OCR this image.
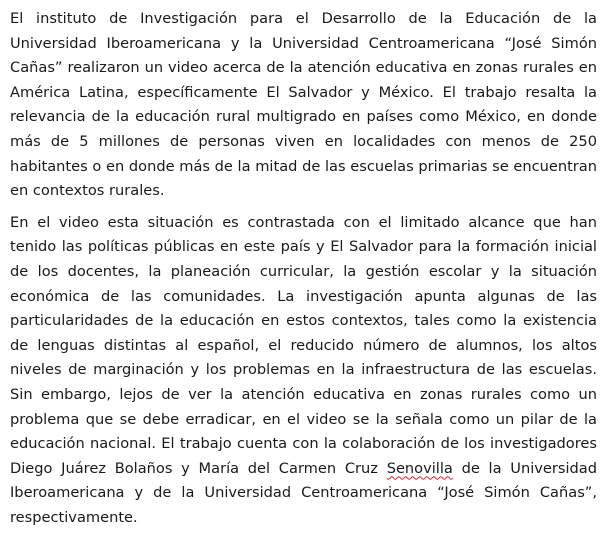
El instituto de Investigación para el Desarrollo de la Educación de la Universidad Iberoamericana y la Universidad Centroamericana “José Simón Cañas” realizaron un video acerca de la atención educativa en zonas rurales en América Latina, específicamente El Salvador y México. El trabajo resalta la relevancia de la educación rural multigrado en países como México, en donde más de 5 millones de personas viven en localidades con menos de 250 habitantes o en donde más de la mitad de las escuelas primarias se encuentran en contextos rurales.

En el video esta situación es contrastada con el limitado alcance que han tenido las políticas públicas en este país y El Salvador para la formación inicial de los docentes, la planeación curricular, la gestión escolar y la situación económica de las comunidades. La investigación apunta algunas de las particularidades de la educación en estos contextos, tales como la existencia de lenguas distintas al español, el reducido número de alumnos, los altos niveles de marginación y los problemas en la infraestructura de las escuelas. Sin embargo, lejos de ver la atención educativa en zonas rurales como un problema que se debe erradicar, en el video se la señala como un pilar de la educación nacional. El trabajo cuenta con la colaboración de los investigadores Diego Juárez Bolaños y María del Carmen Cruz Senovilla de la Universidad Iberoamericana y de la Universidad Centroamericana “José Simón Cañas”, respectivamente.
